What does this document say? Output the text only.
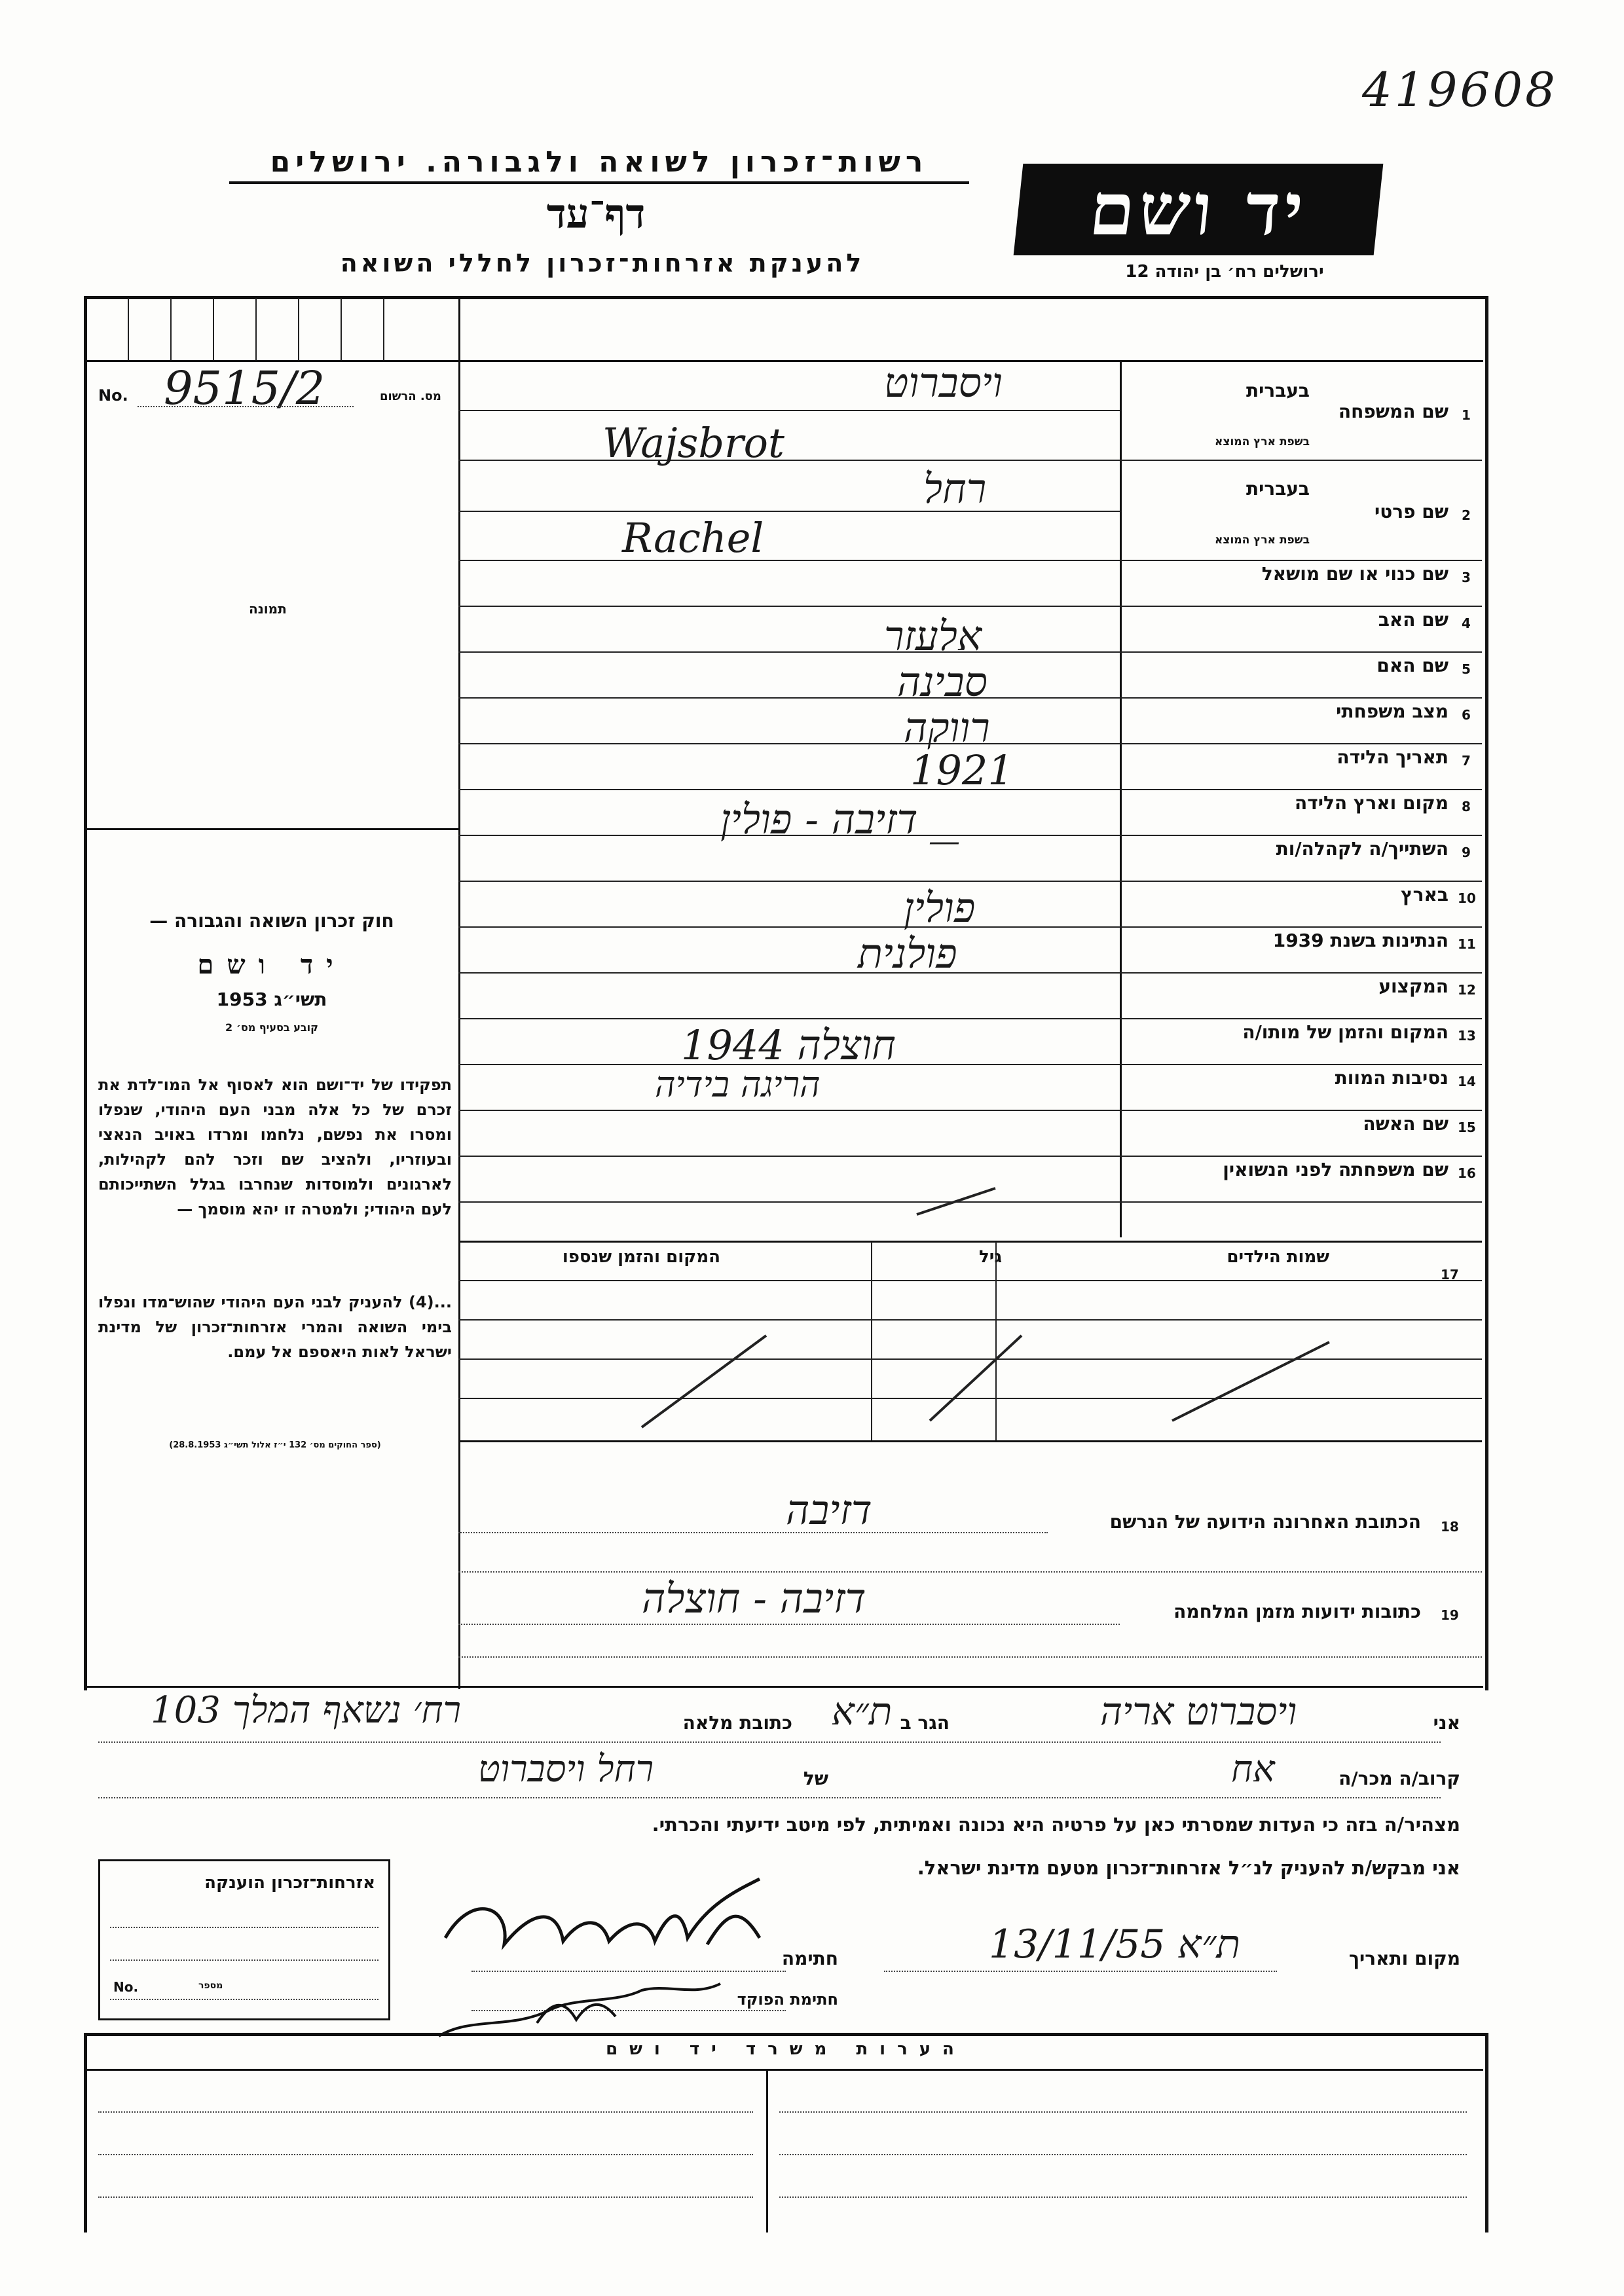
419608
רשות־זכרון לשואה ולגבורה. ירושלים
דף־עד
להענקת אזרחות־זכרון לחללי השואה
יד ושם
ירושלים רח׳ בן יהודה 12
No. 9515/2	מס. הרשום
תמונה
חוק זכרון השואה והגבורה —
יד ושם
תשי״ג 1953
קובע בסעיף מס׳ 2
תפקידו של יד־ושם הוא לאסוף אל המו־לדת את זכרם של כל אלה מבני העם היהודי, שנפלו ומסרו את נפשם, נלחמו ומרדו באויב הנאצי ובעוזריו, ולהציב שם וזכר להם לקהילות, לארגונים ולמוסדות שנחרבו בגלל השתייכותם לעם היהודי; ולמטרה זו יהא מוסמך —
...(4) להעניק לבני העם היהודי שהוש־מדו ונפלו בימי השואה והמרי אזרחות־זכרון של מדינת ישראל לאות היאספם אל עמם.
(ספר החוקים מס׳ 132 י״ז אלול תשי״ג 28.8.1953)
1
שם המשפחה
בעברית
בשפת ארץ המוצא
ויסברוט
Wajsbrot
2
שם פרטי
בעברית
בשפת ארץ המוצא
רחל
Rachel
3
שם כנוי או שם מושאל
4
שם האב
אלעזר
5
שם האם
סבינה
6
מצב משפחתי
רווקה
7
תאריך הלידה
1921
8
מקום וארץ הלידה
דזיבה - פולין
9
השתייך/ה לקהלה/ות
―
10
בארץ
פולין
11
הנתינות בשנת 1939
פולנית
12
המקצוע
13
המקום והזמן של מותו/ה
חוצלה 1944
14
נסיבות המוות
הריגה בידיה
15
שם האשה
16
שם משפחתה לפני הנשואין
17
שמות הילדים
גיל
המקום והזמן שנספו
18
הכתובת האחרונה הידועה של הנרשם
דזיבה
19
כתובות ידועות מזמן המלחמה
דזיבה - חוצלה
אני
ויסברוט אריה
הגר ב
ת״א
כתובת מלאה
רח׳ נשאף המלך 103
קרוב/ה מכר/ה
אח
של
רחל ויסברוט
מצהיר/ה בזה כי העדות שמסרתי כאן על פרטיה היא נכונה ואמיתית, לפי מיטב ידיעתי והכרתי.
אני מבקש/ת להעניק לנ״ל אזרחות־זכרון מטעם מדינת ישראל.
מקום ותאריך
ת״א 13/11/55
חתימה
חתימת הפוקד
אזרחות־זכרון הוענקה
No.	מספר
הערות משרד יד ושם
